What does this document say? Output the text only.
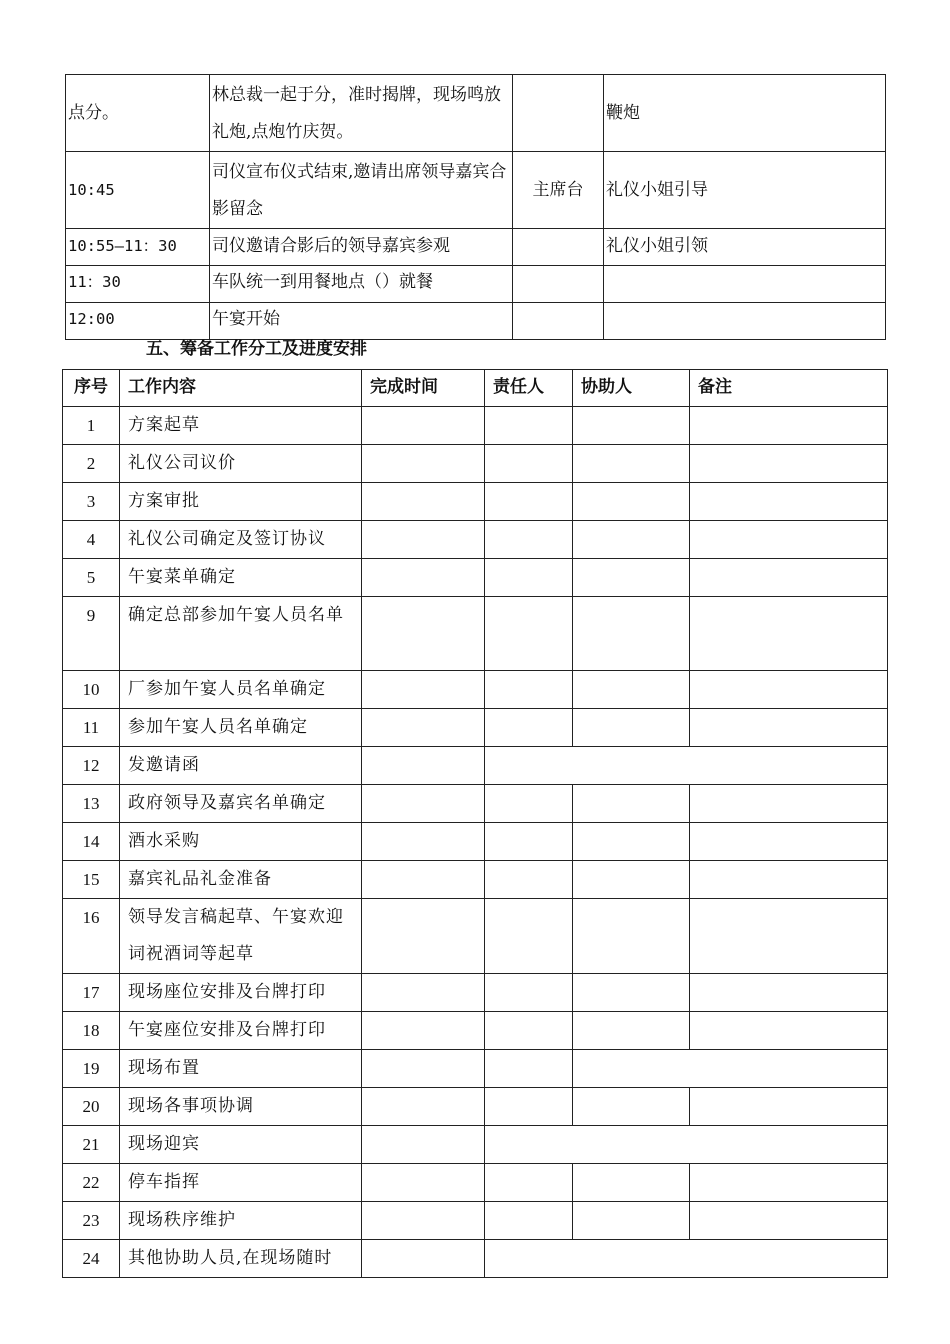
点分。	林总裁一起于分，准时揭牌，现场鸣放礼炮,点炮竹庆贺。		鞭炮
10:45	司仪宣布仪式结束,邀请出席领导嘉宾合影留念	主席台	礼仪小姐引导
10:55—11：30	司仪邀请合影后的领导嘉宾参观		礼仪小姐引领
11：30	车队统一到用餐地点（）就餐		
12:00	午宴开始		
五、筹备工作分工及进度安排
序号	工作内容	完成时间	责任人	协助人	备注
1	方案起草				
2	礼仪公司议价				
3	方案审批				
4	礼仪公司确定及签订协议				
5	午宴菜单确定				
9	确定总部参加午宴人员名单				
10	厂参加午宴人员名单确定				
11	参加午宴人员名单确定				
12	发邀请函				
13	政府领导及嘉宾名单确定				
14	酒水采购				
15	嘉宾礼品礼金准备				
16	领导发言稿起草、午宴欢迎词祝酒词等起草				
17	现场座位安排及台牌打印				
18	午宴座位安排及台牌打印				
19	现场布置				
20	现场各事项协调				
21	现场迎宾				
22	停车指挥				
23	现场秩序维护				
24	其他协助人员,在现场随时				
